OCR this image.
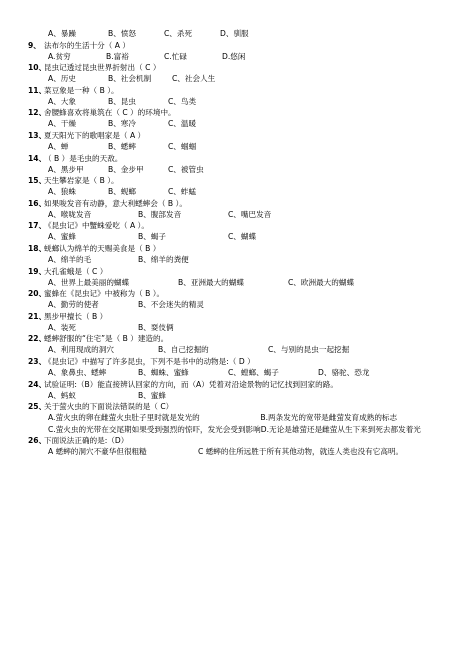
A、暴躁	B、愤怒	C、杀死	D、驯服
9、 法布尔的生活十分（ A ）
A.贫穷	B.富裕	C.忙碌	D.悠闲
10、
昆虫记透过昆虫世界折射出（ C ）
A、历史	B、社会机制	C、社会人生
11、
菜豆象是一种（ B ）。
A、大象	B、昆虫	C、鸟类
12、
舍腰蜂喜欢将巢筑在（ C ）的环境中。
A、干燥	B、寒冷	C、温暖
13、
夏天阳光下的歌唱家是（ A ）
A、蝉	B、蟋蟀	C、蝈蝈
14、
（ B ）是毛虫的天敌。
A、黑步甲	B、金步甲	C、被管虫
15、
天生攀岩家是（ B ）。
A、狼蛛	B、蚬螂	C、蚱蜢
16、
如果唆发音有动静，意大利蟋蟀会（ B ）。
A、喉咙发音	B、腹部发音	C、嘴巴发音
17、
《昆虫记》中蟹蛛爱吃（ A ）。
A、蜜蜂	B、蝎子	C、蝴蝶
18、
蜣螂认为绵羊的天赐美食是（ B ）
A、绵羊的毛	B、绵羊的粪便
19、
大孔雀蛾是（ C ）
A、世界上最美丽的蝴蝶	B、亚洲最大的蝴蝶	C、欧洲最大的蝴蝶
20、
蜜蜂在《昆虫记》中被称为（ B ）。
A、勤劳的使者	B、不会迷失的精灵
21、
黑步甲擅长（ B ）
A、装死	B、耍伎俩
22、
蟋蟀舒服的“住宅”是（ B ）建造的。
A、利用现成的洞穴	B、自己挖掘的	C、与别的昆虫一起挖掘
23、
《昆虫记》中描写了许多昆虫，下列不是书中的动物是:（ D ）
A、象鼻虫、蟋蟀	B、蜘蛛、蜜蜂	C、螳螂、蝎子	D、骆驼、恐龙
24、
试验证明:（B）能直接辨认回家的方向，而（A）凭着对沿途景物的记忆找到回家的路。
A、蚂蚁	B、蜜蜂
25、
关于萤火虫的下面说法错误的是（ C）
A.萤火虫的卵在雌萤火虫肚子里时就是发光的	B.两条发光的宽带是雌萤发育成熟的标志
C.萤火虫的光带在交尾期如果受到强烈的惊吓，发光会受到影响 D.无论是雄萤还是雌萤从生下来到死去都发着光
26、
下面说法正确的是:（D）
A 蟋蟀的洞穴不豪华但很粗糙	C 蟋蟀的住所远胜于所有其他动物，就连人类也没有它高明。
